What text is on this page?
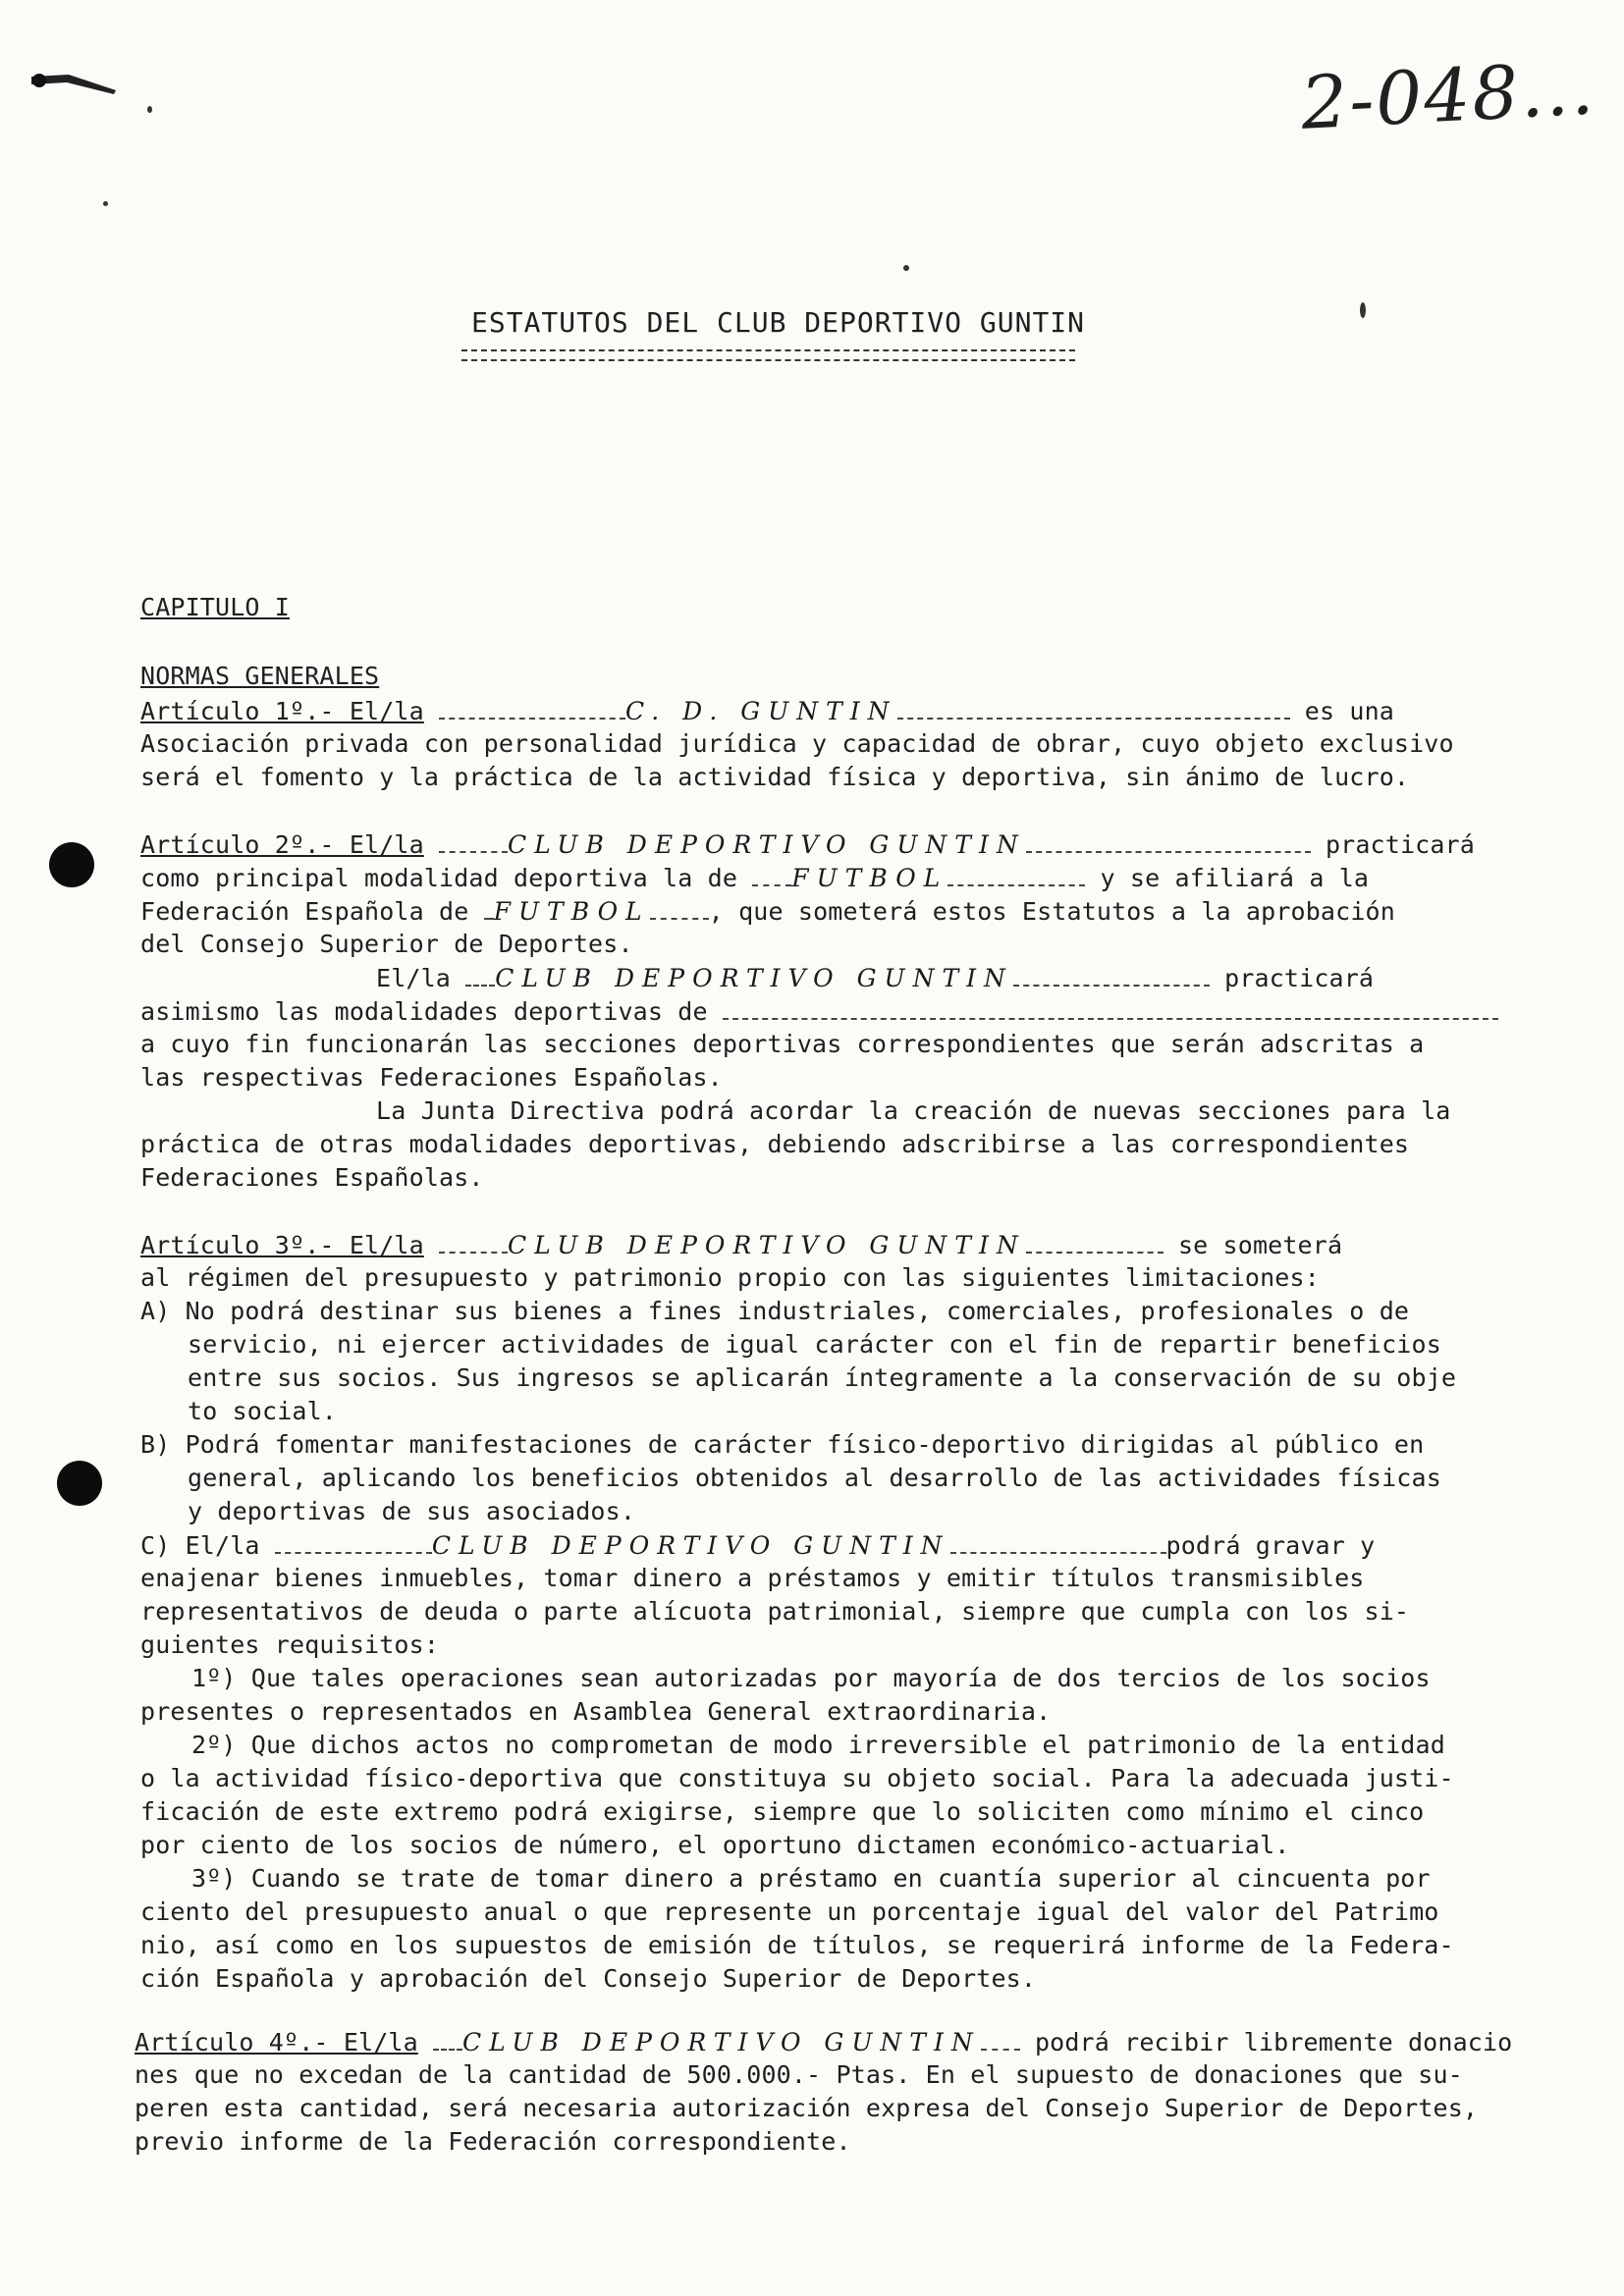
2-048...
ESTATUTOS DEL CLUB DEPORTIVO GUNTIN
CAPITULO I
NORMAS GENERALES
Artículo 1º.- El/la	C. D. GUNTIN	es una
Asociación privada con personalidad jurídica y capacidad de obrar, cuyo objeto exclusivo
será el fomento y la práctica de la actividad física y deportiva, sin ánimo de lucro.
Artículo 2º.- El/la	CLUB DEPORTIVO GUNTIN	practicará
como principal modalidad deportiva la de FUTBOL	y se afiliará a la
Federación Española de FUTBOL , que someterá estos Estatutos a la aprobación
del Consejo Superior de Deportes.
El/la CLUB DEPORTIVO GUNTIN	practicará
asimismo las modalidades deportivas de
a cuyo fin funcionarán las secciones deportivas correspondientes que serán adscritas a
las respectivas Federaciones Españolas.
La Junta Directiva podrá acordar la creación de nuevas secciones para la
práctica de otras modalidades deportivas, debiendo adscribirse a las correspondientes
Federaciones Españolas.
Artículo 3º.- El/la	CLUB DEPORTIVO GUNTIN	se someterá
al régimen del presupuesto y patrimonio propio con las siguientes limitaciones:
A) No podrá destinar sus bienes a fines industriales, comerciales, profesionales o de
servicio, ni ejercer actividades de igual carácter con el fin de repartir beneficios
entre sus socios. Sus ingresos se aplicarán íntegramente a la conservación de su obje
to social.
B) Podrá fomentar manifestaciones de carácter físico-deportivo dirigidas al público en
general, aplicando los beneficios obtenidos al desarrollo de las actividades físicas
y deportivas de sus asociados.
C) El/la	CLUB DEPORTIVO GUNTIN	podrá gravar y
enajenar bienes inmuebles, tomar dinero a préstamos y emitir títulos transmisibles
representativos de deuda o parte alícuota patrimonial, siempre que cumpla con los si-
guientes requisitos:
1º) Que tales operaciones sean autorizadas por mayoría de dos tercios de los socios
presentes o representados en Asamblea General extraordinaria.
2º) Que dichos actos no comprometan de modo irreversible el patrimonio de la entidad
o la actividad físico-deportiva que constituya su objeto social. Para la adecuada justi-
ficación de este extremo podrá exigirse, siempre que lo soliciten como mínimo el cinco
por ciento de los socios de número, el oportuno dictamen económico-actuarial.
3º) Cuando se trate de tomar dinero a préstamo en cuantía superior al cincuenta por
ciento del presupuesto anual o que represente un porcentaje igual del valor del Patrimo
nio, así como en los supuestos de emisión de títulos, se requerirá informe de la Federa-
ción Española y aprobación del Consejo Superior de Deportes.
Artículo 4º.- El/la CLUB DEPORTIVO GUNTIN podrá recibir libremente donacio
nes que no excedan de la cantidad de 500.000.- Ptas. En el supuesto de donaciones que su-
peren esta cantidad, será necesaria autorización expresa del Consejo Superior de Deportes,
previo informe de la Federación correspondiente.
